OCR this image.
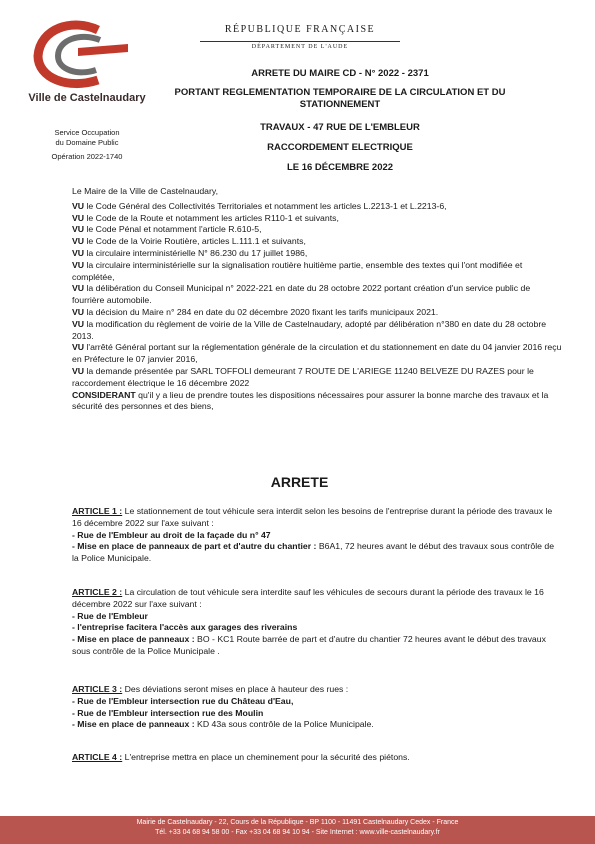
Ville de Castelnaudary
Service Occupation
du Domaine Public
Opération 2022-1740
RÉPUBLIQUE FRANÇAISE
DÉPARTEMENT DE L'AUDE
ARRETE DU MAIRE CD - N° 2022 - 2371
PORTANT REGLEMENTATION TEMPORAIRE DE LA CIRCULATION ET DU
STATIONNEMENT
TRAVAUX - 47 RUE DE L'EMBLEUR
RACCORDEMENT ELECTRIQUE
LE 16 DÉCEMBRE 2022

Le Maire de la Ville de Castelnaudary,

VU le Code Général des Collectivités Territoriales et notamment les articles L.2213-1 et L.2213-6,

VU le Code de la Route et notamment les articles R110-1 et suivants,

VU le Code Pénal et notamment l'article R.610-5,

VU le Code de la Voirie Routière, articles L.111.1 et suivants,

VU la circulaire interministérielle N° 86.230 du 17 juillet 1986,

VU la circulaire interministérielle sur la signalisation routière huitième partie, ensemble des textes qui l'ont modifiée et complétée,

VU la délibération du Conseil Municipal n° 2022-221 en date du 28 octobre 2022 portant création d'un service public de fourrière automobile.

VU la décision du Maire n° 284 en date du 02 décembre 2020 fixant les tarifs municipaux 2021.

VU la modification du règlement de voirie de la Ville de Castelnaudary, adopté par délibération n°380 en date du 28 octobre 2013.

VU l'arrêté Général portant sur la réglementation générale de la circulation et du stationnement en date du 04 janvier 2016 reçu en Préfecture le 07 janvier 2016,

VU la demande présentée par SARL TOFFOLI demeurant 7 ROUTE DE L'ARIEGE 11240 BELVEZE DU RAZES pour le raccordement électrique le 16 décembre 2022

CONSIDERANT qu'il y a lieu de prendre toutes les dispositions nécessaires pour assurer la bonne marche des travaux et la sécurité des personnes et des biens,

ARRETE

ARTICLE 1 : Le stationnement de tout véhicule sera interdit selon les besoins de l'entreprise durant la période des travaux le 16 décembre 2022 sur l'axe suivant :

- Rue de l'Embleur au droit de la façade du n° 47

- Mise en place de panneaux de part et d'autre du chantier : B6A1, 72 heures avant le début des travaux sous contrôle de la Police Municipale.

ARTICLE 2 : La circulation de tout véhicule sera interdite sauf les véhicules de secours durant la période des travaux le 16 décembre 2022 sur l'axe suivant :

- Rue de l'Embleur

- l'entreprise facitera l'accès aux garages des riverains

- Mise en place de panneaux : BO - KC1 Route barrée de part et d'autre du chantier 72 heures avant le début des travaux sous contrôle de la Police Municipale .

ARTICLE 3 : Des déviations seront mises en place à hauteur des rues :

- Rue de l'Embleur intersection rue du Château d'Eau,

- Rue de l'Embleur intersection rue des Moulin

- Mise en place de panneaux : KD 43a sous contrôle de la Police Municipale.

ARTICLE 4 : L'entreprise mettra en place un cheminement pour la sécurité des piétons.

Mairie de Castelnaudary - 22, Cours de la République - BP 1100 - 11491 Castelnaudary Cedex - France
Tél. +33 04 68 94 58 00 - Fax +33 04 68 94 10 94 - Site Internet : www.ville-castelnaudary.fr
